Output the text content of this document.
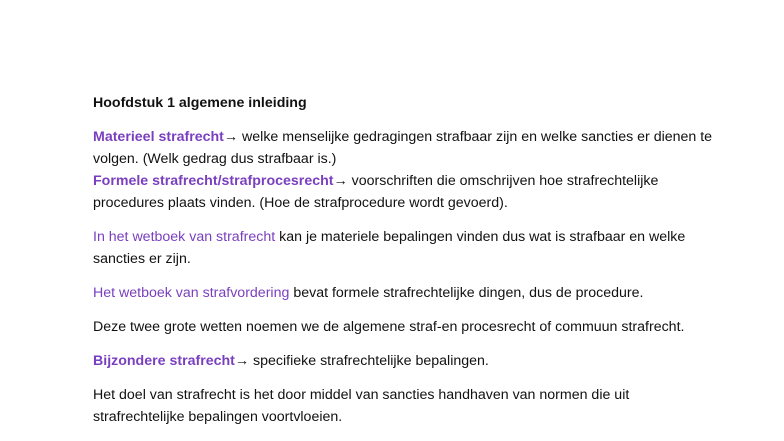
Hoofdstuk 1 algemene inleiding

Materieel strafrecht→ welke menselijke gedragingen strafbaar zijn en welke sancties er dienen te volgen. (Welk gedrag dus strafbaar is.)

Formele strafrecht/strafprocesrecht→ voorschriften die omschrijven hoe strafrechtelijke procedures plaats vinden. (Hoe de strafprocedure wordt gevoerd).

In het wetboek van strafrecht kan je materiele bepalingen vinden dus wat is strafbaar en welke sancties er zijn.

Het wetboek van strafvordering bevat formele strafrechtelijke dingen, dus de procedure.

Deze twee grote wetten noemen we de algemene straf-en procesrecht of commuun strafrecht.

Bijzondere strafrecht→ specifieke strafrechtelijke bepalingen.

Het doel van strafrecht is het door middel van sancties handhaven van normen die uit strafrechtelijke bepalingen voortvloeien.
